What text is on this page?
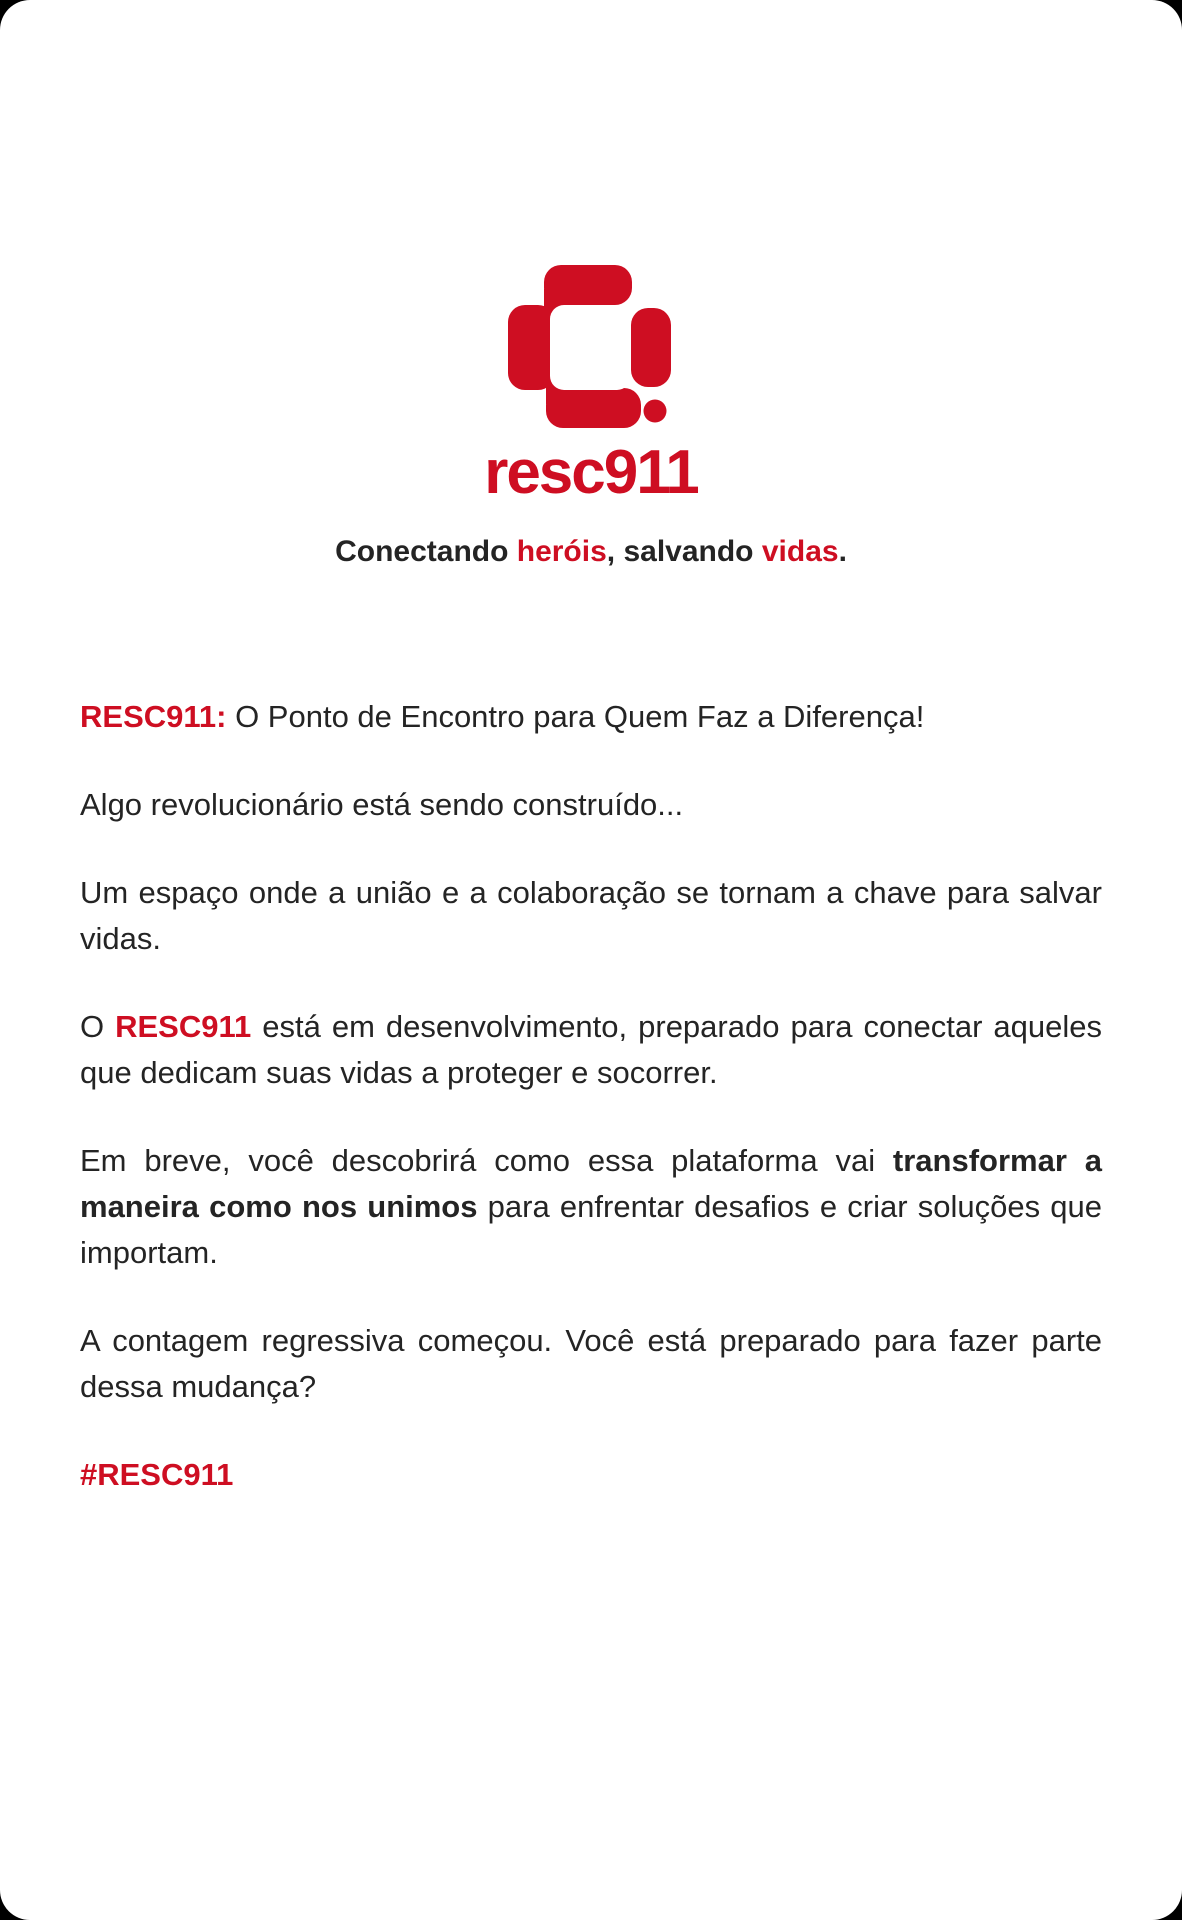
resc911

Conectando heróis, salvando vidas.

RESC911: O Ponto de Encontro para Quem Faz a Diferença!

Algo revolucionário está sendo construído...

Um espaço onde a união e a colaboração se tornam a chave para salvar vidas.

O RESC911 está em desenvolvimento, preparado para conectar aqueles que dedicam suas vidas a proteger e socorrer.

Em breve, você descobrirá como essa plataforma vai transformar a maneira como nos unimos para enfrentar desafios e criar soluções que importam.

A contagem regressiva começou. Você está preparado para fazer parte dessa mudança?

#RESC911
